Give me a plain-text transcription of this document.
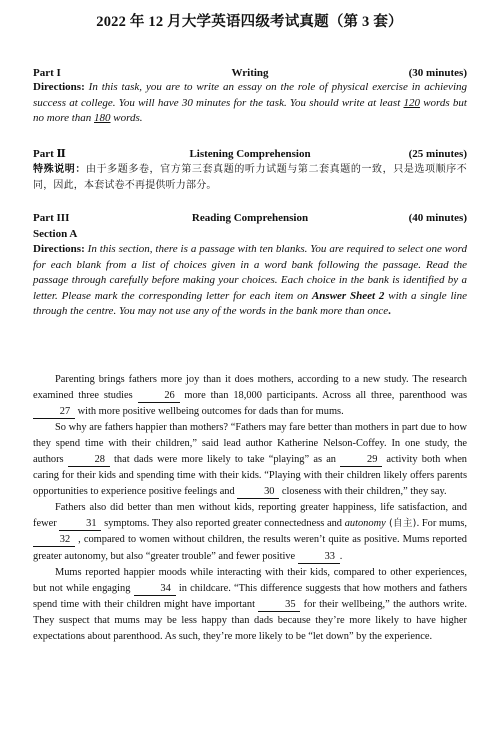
2022 年 12 月大学英语四级考试真题（第 3 套）
Part I	Writing	(30 minutes)
Directions: In this task, you are to write an essay on the role of physical exercise in achieving success at college. You will have 30 minutes for the task. You should write at least 120 words but no more than 180 words.
Part Ⅱ	Listening Comprehension	(25 minutes)
特殊说明：由于多题多卷，官方第三套真题的听力试题与第二套真题的一致，只是选项顺序不同，因此，本套试卷不再提供听力部分。
Part III	Reading Comprehension	(40 minutes)
Section A
Directions: In this section, there is a passage with ten blanks. You are required to select one word for each blank from a list of choices given in a word bank following the passage. Read the passage through carefully before making your choices. Each choice in the bank is identified by a letter. Please mark the corresponding letter for each item on Answer Sheet 2 with a single line through the centre. You may not use any of the words in the bank more than once.

Parenting brings fathers more joy than it does mothers, according to a new study. The research examined three studies	26 more than 18,000 participants. Across all three, parenthood was 27 with more positive wellbeing outcomes for dads than for mums.

So why are fathers happier than mothers? “Fathers may fare better than mothers in part due to how they spend time with their children,” said lead author Katherine Nelson-Coffey. In one study, the authors	28 that dads were more likely to take “playing” as an	29 activity both when caring for their kids and spending time with their kids. “Playing with their children likely offers parents opportunities to experience positive feelings and	30 closeness with their children,” they say.

Fathers also did better than men without kids, reporting greater happiness, life satisfaction, and fewer	31 symptoms. They also reported greater connectedness and autonomy (自主). For mums, 32 , compared to women without children, the results weren’t quite as positive. Mums reported greater autonomy, but also “greater trouble” and fewer positive	33 .

Mums reported happier moods while interacting with their kids, compared to other experiences, but not while engaging	34 in childcare. “This difference suggests that how mothers and fathers spend time with their children might have important	35 for their wellbeing,” the authors write. They suspect that mums may be less happy than dads because they’re more likely to have higher expectations about parenthood. As such, they’re more likely to be “let down” by the experience.
